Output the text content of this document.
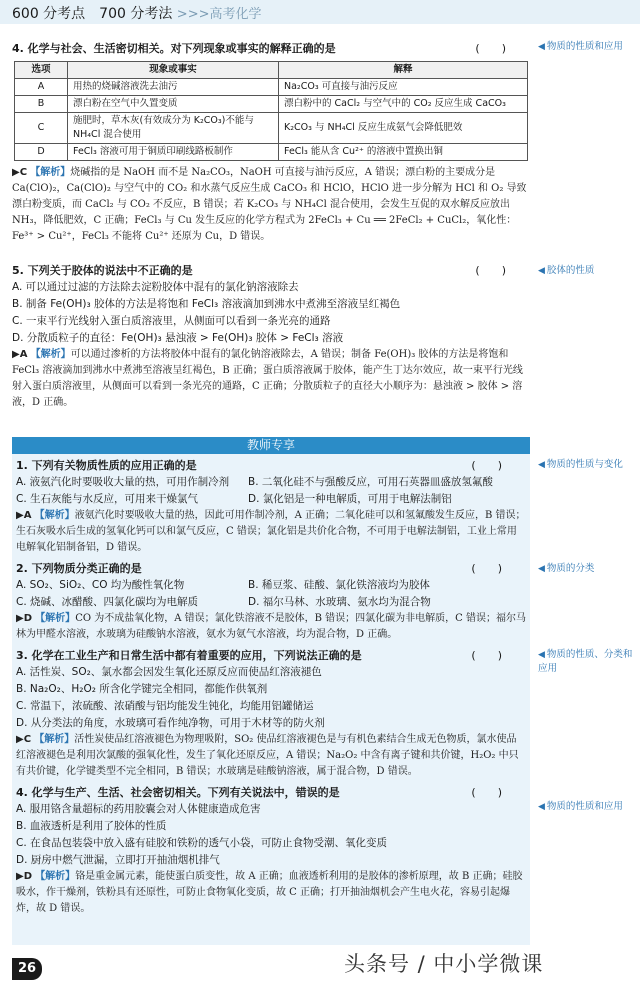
600 分考点　700 分考法 >>>高考化学

4. 化学与社会、生活密切相关。对下列现象或事实的解释正确的是	(　　)

选项	现象或事实	解释
A	用热的烧碱溶液洗去油污	Na₂CO₃ 可直接与油污反应
B	漂白粉在空气中久置变质	漂白粉中的 CaCl₂ 与空气中的 CO₂ 反应生成 CaCO₃
C	施肥时，草木灰(有效成分为 K₂CO₃)不能与 NH₄Cl 混合使用	K₂CO₃ 与 NH₄Cl 反应生成氨气会降低肥效
D	FeCl₃ 溶液可用于铜质印刷线路板制作	FeCl₃ 能从含 Cu²⁺ 的溶液中置换出铜

▶C 【解析】烧碱指的是 NaOH 而不是 Na₂CO₃，NaOH 可直接与油污反应，A 错误；漂白粉的主要成分是 Ca(ClO)₂，Ca(ClO)₂ 与空气中的 CO₂ 和水蒸气反应生成 CaCO₃ 和 HClO，HClO 进一步分解为 HCl 和 O₂ 导致漂白粉变质，而 CaCl₂ 与 CO₂ 不反应，B 错误；若 K₂CO₃ 与 NH₄Cl 混合使用，会发生互促的双水解反应放出 NH₃，降低肥效，C 正确；FeCl₃ 与 Cu 发生反应的化学方程式为 2FeCl₃ + Cu ══ 2FeCl₂ + CuCl₂，氧化性：Fe³⁺ > Cu²⁺，FeCl₃ 不能将 Cu²⁺ 还原为 Cu，D 错误。

◀ 物质的性质和应用

5. 下列关于胶体的说法中不正确的是	(　　)

A. 可以通过过滤的方法除去淀粉胶体中混有的氯化钠溶液除去

B. 制备 Fe(OH)₃ 胶体的方法是将饱和 FeCl₃ 溶液滴加到沸水中煮沸至溶液呈红褐色

C. 一束平行光线射入蛋白质溶液里，从侧面可以看到一条光亮的通路

D. 分散质粒子的直径：Fe(OH)₃ 悬浊液 > Fe(OH)₃ 胶体 > FeCl₃ 溶液

▶A 【解析】可以通过渗析的方法将胶体中混有的氯化钠溶液除去，A 错误；制备 Fe(OH)₃ 胶体的方法是将饱和 FeCl₃ 溶液滴加到沸水中煮沸至溶液呈红褐色，B 正确；蛋白质溶液属于胶体，能产生丁达尔效应，故一束平行光线射入蛋白质溶液里，从侧面可以看到一条光亮的通路，C 正确；分散质粒子的直径大小顺序为：悬浊液 > 胶体 > 溶液，D 正确。

◀ 胶体的性质
教师专享

1. 下列有关物质性质的应用正确的是	(　　)

A. 液氨汽化时要吸收大量的热，可用作制冷剂	B. 二氧化硅不与强酸反应，可用石英器皿盛放氢氟酸
C. 生石灰能与水反应，可用来干燥氯气	D. 氯化铝是一种电解质，可用于电解法制铝

▶A 【解析】液氨汽化时要吸收大量的热，因此可用作制冷剂，A 正确；二氧化硅可以和氢氟酸发生反应，B 错误；生石灰吸水后生成的氢氧化钙可以和氯气反应，C 错误；氯化铝是共价化合物，不可用于电解法制铝，工业上常用电解氧化铝制备铝，D 错误。

2. 下列物质分类正确的是	(　　)

A. SO₂、SiO₂、CO 均为酸性氧化物	B. 稀豆浆、硅酸、氯化铁溶液均为胶体
C. 烧碱、冰醋酸、四氯化碳均为电解质	D. 福尔马林、水玻璃、氨水均为混合物

▶D 【解析】CO 为不成盐氧化物，A 错误；氯化铁溶液不是胶体，B 错误；四氯化碳为非电解质，C 错误；福尔马林为甲醛水溶液，水玻璃为硅酸钠水溶液，氨水为氨气水溶液，均为混合物，D 正确。

3. 化学在工业生产和日常生活中都有着重要的应用，下列说法正确的是	(　　)

A. 活性炭、SO₂、氯水都会因发生氧化还原反应而使品红溶液褪色

B. Na₂O₂、H₂O₂ 所含化学键完全相同，都能作供氧剂

C. 常温下，浓硫酸、浓硝酸与铝均能发生钝化，均能用铝罐储运

D. 从分类法的角度，水玻璃可看作纯净物，可用于木材等的防火剂

▶C 【解析】活性炭使品红溶液褪色为物理吸附，SO₂ 使品红溶液褪色是与有机色素结合生成无色物质，氯水使品红溶液褪色是利用次氯酸的强氧化性，发生了氧化还原反应，A 错误；Na₂O₂ 中含有离子键和共价键，H₂O₂ 中只有共价键，化学键类型不完全相同，B 错误；水玻璃是硅酸钠溶液，属于混合物，D 错误。

4. 化学与生产、生活、社会密切相关。下列有关说法中，错误的是	(　　)

A. 服用铬含量超标的药用胶囊会对人体健康造成危害

B. 血液透析是利用了胶体的性质

C. 在食品包装袋中放入盛有硅胶和铁粉的透气小袋，可防止食物受潮、氧化变质

D. 厨房中燃气泄漏，立即打开抽油烟机排气

▶D 【解析】铬是重金属元素，能使蛋白质变性，故 A 正确；血液透析利用的是胶体的渗析原理，故 B 正确；硅胶吸水，作干燥剂，铁粉具有还原性，可防止食物氧化变质，故 C 正确；打开抽油烟机会产生电火花，容易引起爆炸，故 D 错误。

◀ 物质的性质与变化
◀ 物质的分类
◀ 物质的性质、分类和应用
◀ 物质的性质和应用
26	头条号 / 中小学微课
